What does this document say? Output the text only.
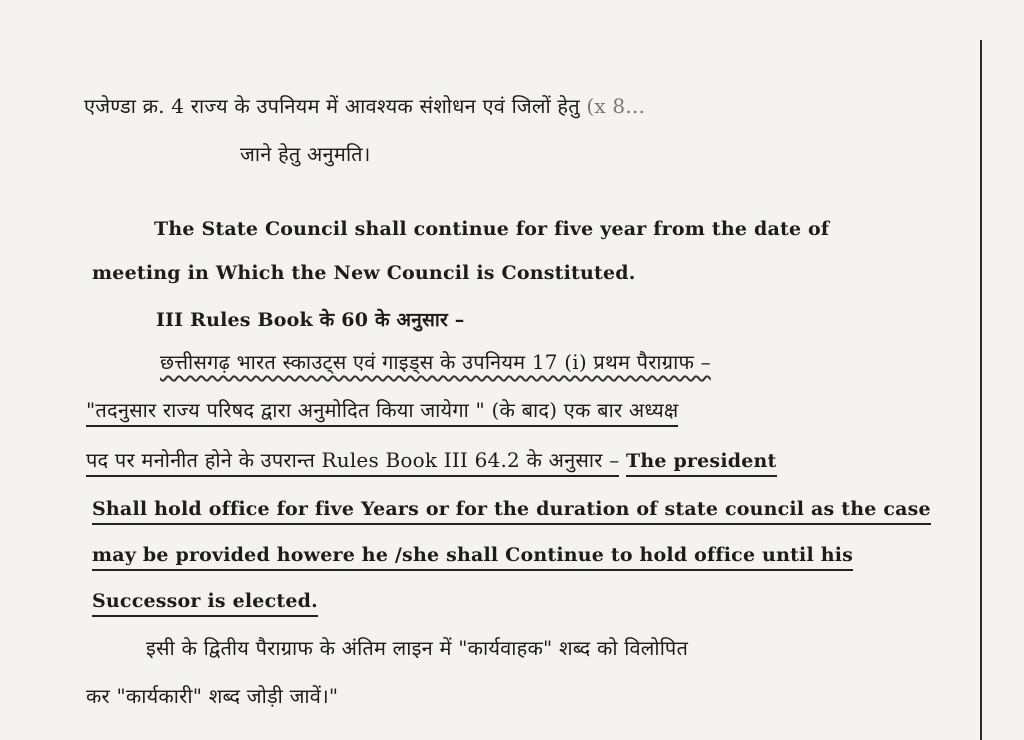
एजेण्डा क्र. 4 राज्य के उपनियम में आवश्यक संशोधन एवं जिलों हेतु (x 8...
जाने हेतु अनुमति।
The State Council shall continue for five year from the date of
meeting in Which the New Council is Constituted.
III Rules Book के 60 के अनुसार –
छत्तीसगढ़ भारत स्काउट्स एवं गाइड्स के उपनियम 17 (i) प्रथम पैराग्राफ –
"तदनुसार राज्य परिषद द्वारा अनुमोदित किया जायेगा " (के बाद) एक बार अध्यक्ष
पद पर मनोनीत होने के उपरान्त Rules Book III 64.2 के अनुसार – The president
Shall hold office for five Years or for the duration of state council as the case
may be provided howere he /she shall Continue to hold office until his
Successor is elected.
इसी के द्वितीय पैराग्राफ के अंतिम लाइन में "कार्यवाहक" शब्द को विलोपित
कर "कार्यकारी" शब्द जोड़ी जावें।"
